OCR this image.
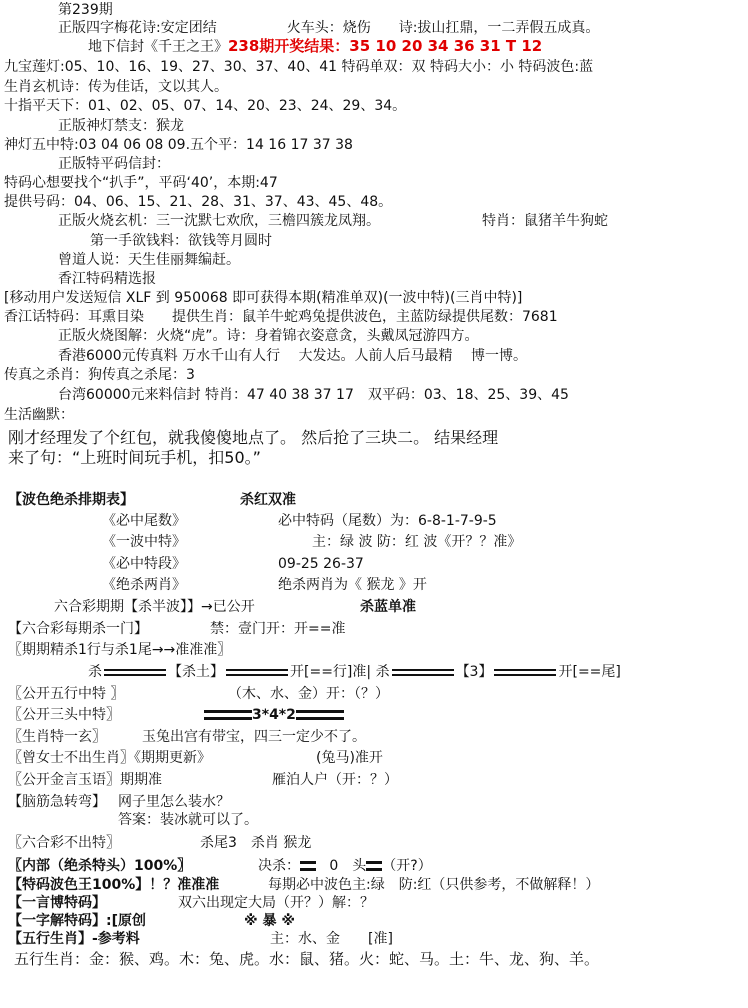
第239期
正版四字梅花诗:安定团结　　　　　火车头：烧伤　　诗:拔山扛鼎，一二弄假五成真。
地下信封《千王之王》238期开奖结果：35 10 20 34 36 31 T 12
九宝莲灯:05、10、16、19、27、30、37、40、41 特码单双：双 特码大小：小 特码波色:蓝
生肖玄机诗：传为佳话，文以其人。
十指平天下：01、02、05、07、14、20、23、24、29、34。
正版神灯禁支：猴龙
神灯五中特:03 04 06 08 09.五个平：14 16 17 37 38
正版特平码信封：
特码心想要找个“扒手”，平码‘40’，本期:47
提供号码：04、06、15、21、28、31、37、43、45、48。
正版火烧玄机：三一沈默七欢欣，三檐四簇龙凤翔。	特肖：鼠猪羊牛狗蛇
第一手欲钱料：欲钱等月圆时
曾道人说：天生佳丽舞编赶。
香江特码精选报
[移动用户发送短信 XLF 到 950068 即可获得本期(精准单双)(一波中特)(三肖中特)]
香江话特码：耳熏目染　　提供生肖：鼠羊牛蛇鸡兔提供波色，主蓝防绿提供尾数：7681
正版火烧图解：火烧“虎”。诗：身着锦衣姿意贪，头戴凤冠游四方。
香港6000元传真料 万水千山有人行　 大发达。人前人后马最精　 博一博。
传真之杀肖：狗传真之杀尾：3
台湾60000元来料信封 特肖：47 40 38 37 17　双平码：03、18、25、39、45
生活幽默：
刚才经理发了个红包，就我傻傻地点了。 然后抢了三块二。 结果经理
来了句：“上班时间玩手机，扣50。”
【波色绝杀排期表】	杀红双准
《必中尾数》	必中特码（尾数）为：6-8-1-7-9-5
《一波中特》	主：绿 波 防：红 波《开？？准》
《必中特段》	09-25 26-37
《绝杀两肖》	绝杀两肖为《 猴龙 》开
六合彩期期【杀半波】】→已公开	杀蓝单准
【六合彩每期杀一门】	禁：壹门开：开==准
〖期期精杀1行与杀1尾→→准准准〗
杀	【杀土】	开[==行]准| 杀	【3】	开[==尾]
〖公开五行中特 〗	（木、水、金）开：（？）
〖公开三头中特〗	3*4*2
〖生肖特一玄〗	玉兔出宫有带宝，四三一定少不了。
〖曾女士不出生肖〗《期期更新》	(兔马)准开
〖公开金言玉语〗期期准	雁泊人户（开：？）
【脑筋急转弯】 网子里怎么装水？
答案：装冰就可以了。
〖六合彩不出特〗	杀尾3　杀肖 猴龙
〖内部（绝杀特头）100%〗	决杀： 0　头 （开?）
【特码波色王100%】！？准准准	每期必中波色主:绿　防:红（只供参考，不做解释！）
【一言博特码】	双六出现定大局（开？）解：？
【一字解特码】:[原创	※ 暴 ※
【五行生肖】-参考料	主：水、金　　[准]
五行生肖：金：猴、鸡。木：兔、虎。水：鼠、猪。火：蛇、马。土：牛、龙、狗、羊。
